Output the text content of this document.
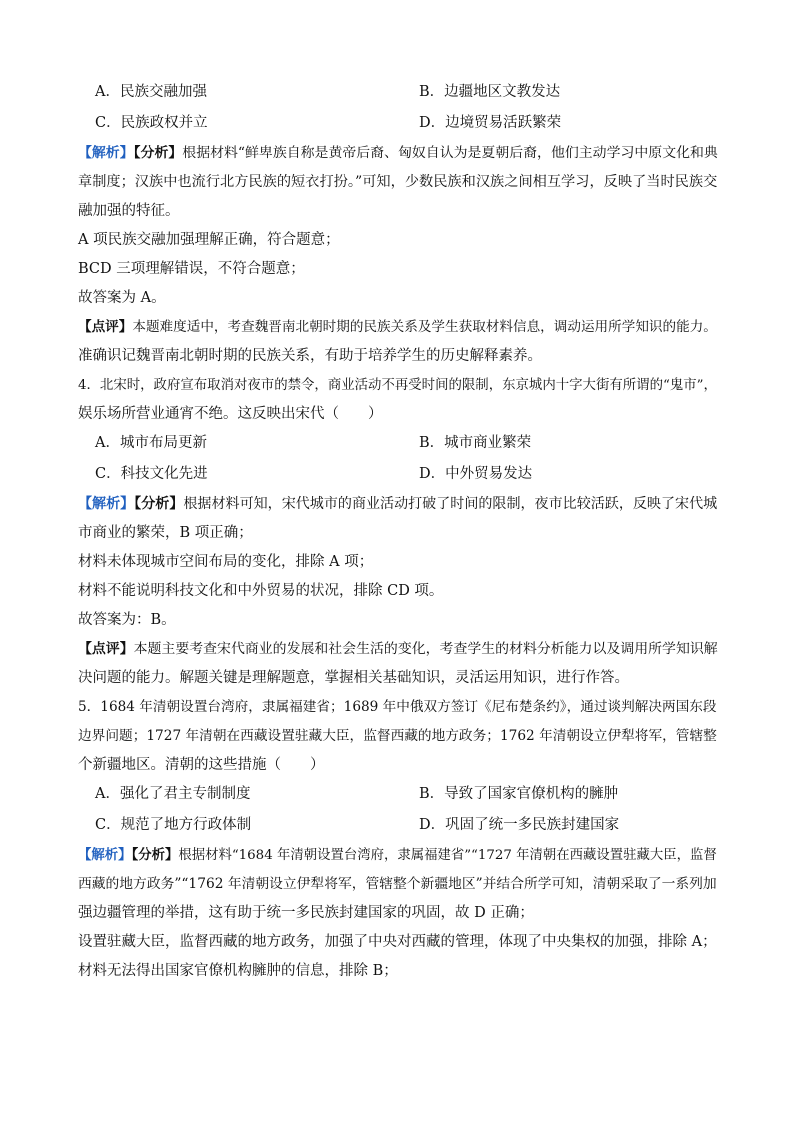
A．民族交融加强	B．边疆地区文教发达
C．民族政权并立	D．边境贸易活跃繁荣
【解析】【分析】根据材料“鲜卑族自称是黄帝后裔、匈奴自认为是夏朝后裔，他们主动学习中原文化和典
章制度；汉族中也流行北方民族的短衣打扮。”可知，少数民族和汉族之间相互学习，反映了当时民族交
融加强的特征。
A 项民族交融加强理解正确，符合题意；
BCD 三项理解错误，不符合题意；
故答案为 A。
【点评】本题难度适中，考查魏晋南北朝时期的民族关系及学生获取材料信息，调动运用所学知识的能力。
准确识记魏晋南北朝时期的民族关系，有助于培养学生的历史解释素养。
4．北宋时，政府宣布取消对夜市的禁令，商业活动不再受时间的限制，东京城内十字大街有所谓的“鬼市”，
娱乐场所营业通宵不绝。这反映出宋代（　　）
A．城市布局更新	B．城市商业繁荣
C．科技文化先进	D．中外贸易发达
【解析】【分析】根据材料可知，宋代城市的商业活动打破了时间的限制，夜市比较活跃，反映了宋代城
市商业的繁荣，B 项正确；
材料未体现城市空间布局的变化，排除 A 项；
材料不能说明科技文化和中外贸易的状况，排除 CD 项。
故答案为：B。
【点评】本题主要考查宋代商业的发展和社会生活的变化，考查学生的材料分析能力以及调用所学知识解
决问题的能力。解题关键是理解题意，掌握相关基础知识，灵活运用知识，进行作答。
5．1684 年清朝设置台湾府，隶属福建省；1689 年中俄双方签订《尼布楚条约》，通过谈判解决两国东段
边界问题；1727 年清朝在西藏设置驻藏大臣，监督西藏的地方政务；1762 年清朝设立伊犁将军，管辖整
个新疆地区。清朝的这些措施（　　）
A．强化了君主专制制度	B．导致了国家官僚机构的臃肿
C．规范了地方行政体制	D．巩固了统一多民族封建国家
【解析】【分析】根据材料“1684 年清朝设置台湾府，隶属福建省”“1727 年清朝在西藏设置驻藏大臣，监督
西藏的地方政务”“1762 年清朝设立伊犁将军，管辖整个新疆地区”并结合所学可知，清朝采取了一系列加
强边疆管理的举措，这有助于统一多民族封建国家的巩固，故 D 正确；
设置驻藏大臣，监督西藏的地方政务，加强了中央对西藏的管理，体现了中央集权的加强，排除 A；
材料无法得出国家官僚机构臃肿的信息，排除 B；
